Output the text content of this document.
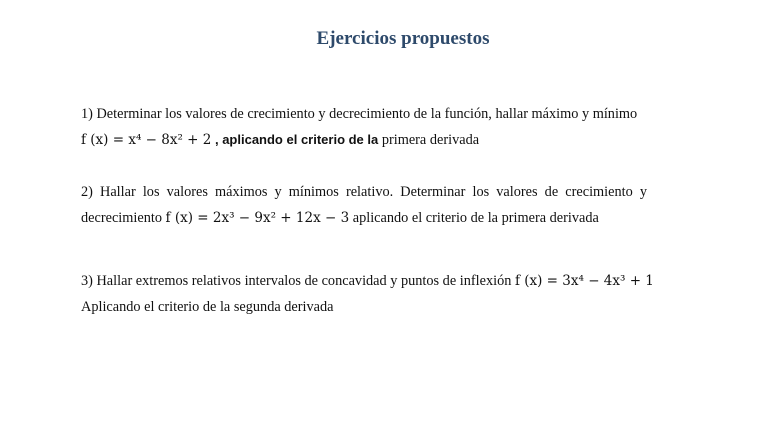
Ejercicios propuestos
1) Determinar los valores de crecimiento y decrecimiento de la función, hallar máximo y mínimo
f (x) = x⁴ − 8x² + 2 , aplicando el criterio de la primera derivada
2) Hallar los valores máximos y mínimos relativo. Determinar los valores de crecimiento y
decrecimiento f (x) = 2x³ − 9x² + 12x − 3 aplicando el criterio de la primera derivada
3) Hallar extremos relativos intervalos de concavidad y puntos de inflexión f (x) = 3x⁴ − 4x³ + 1
Aplicando el criterio de la segunda derivada
